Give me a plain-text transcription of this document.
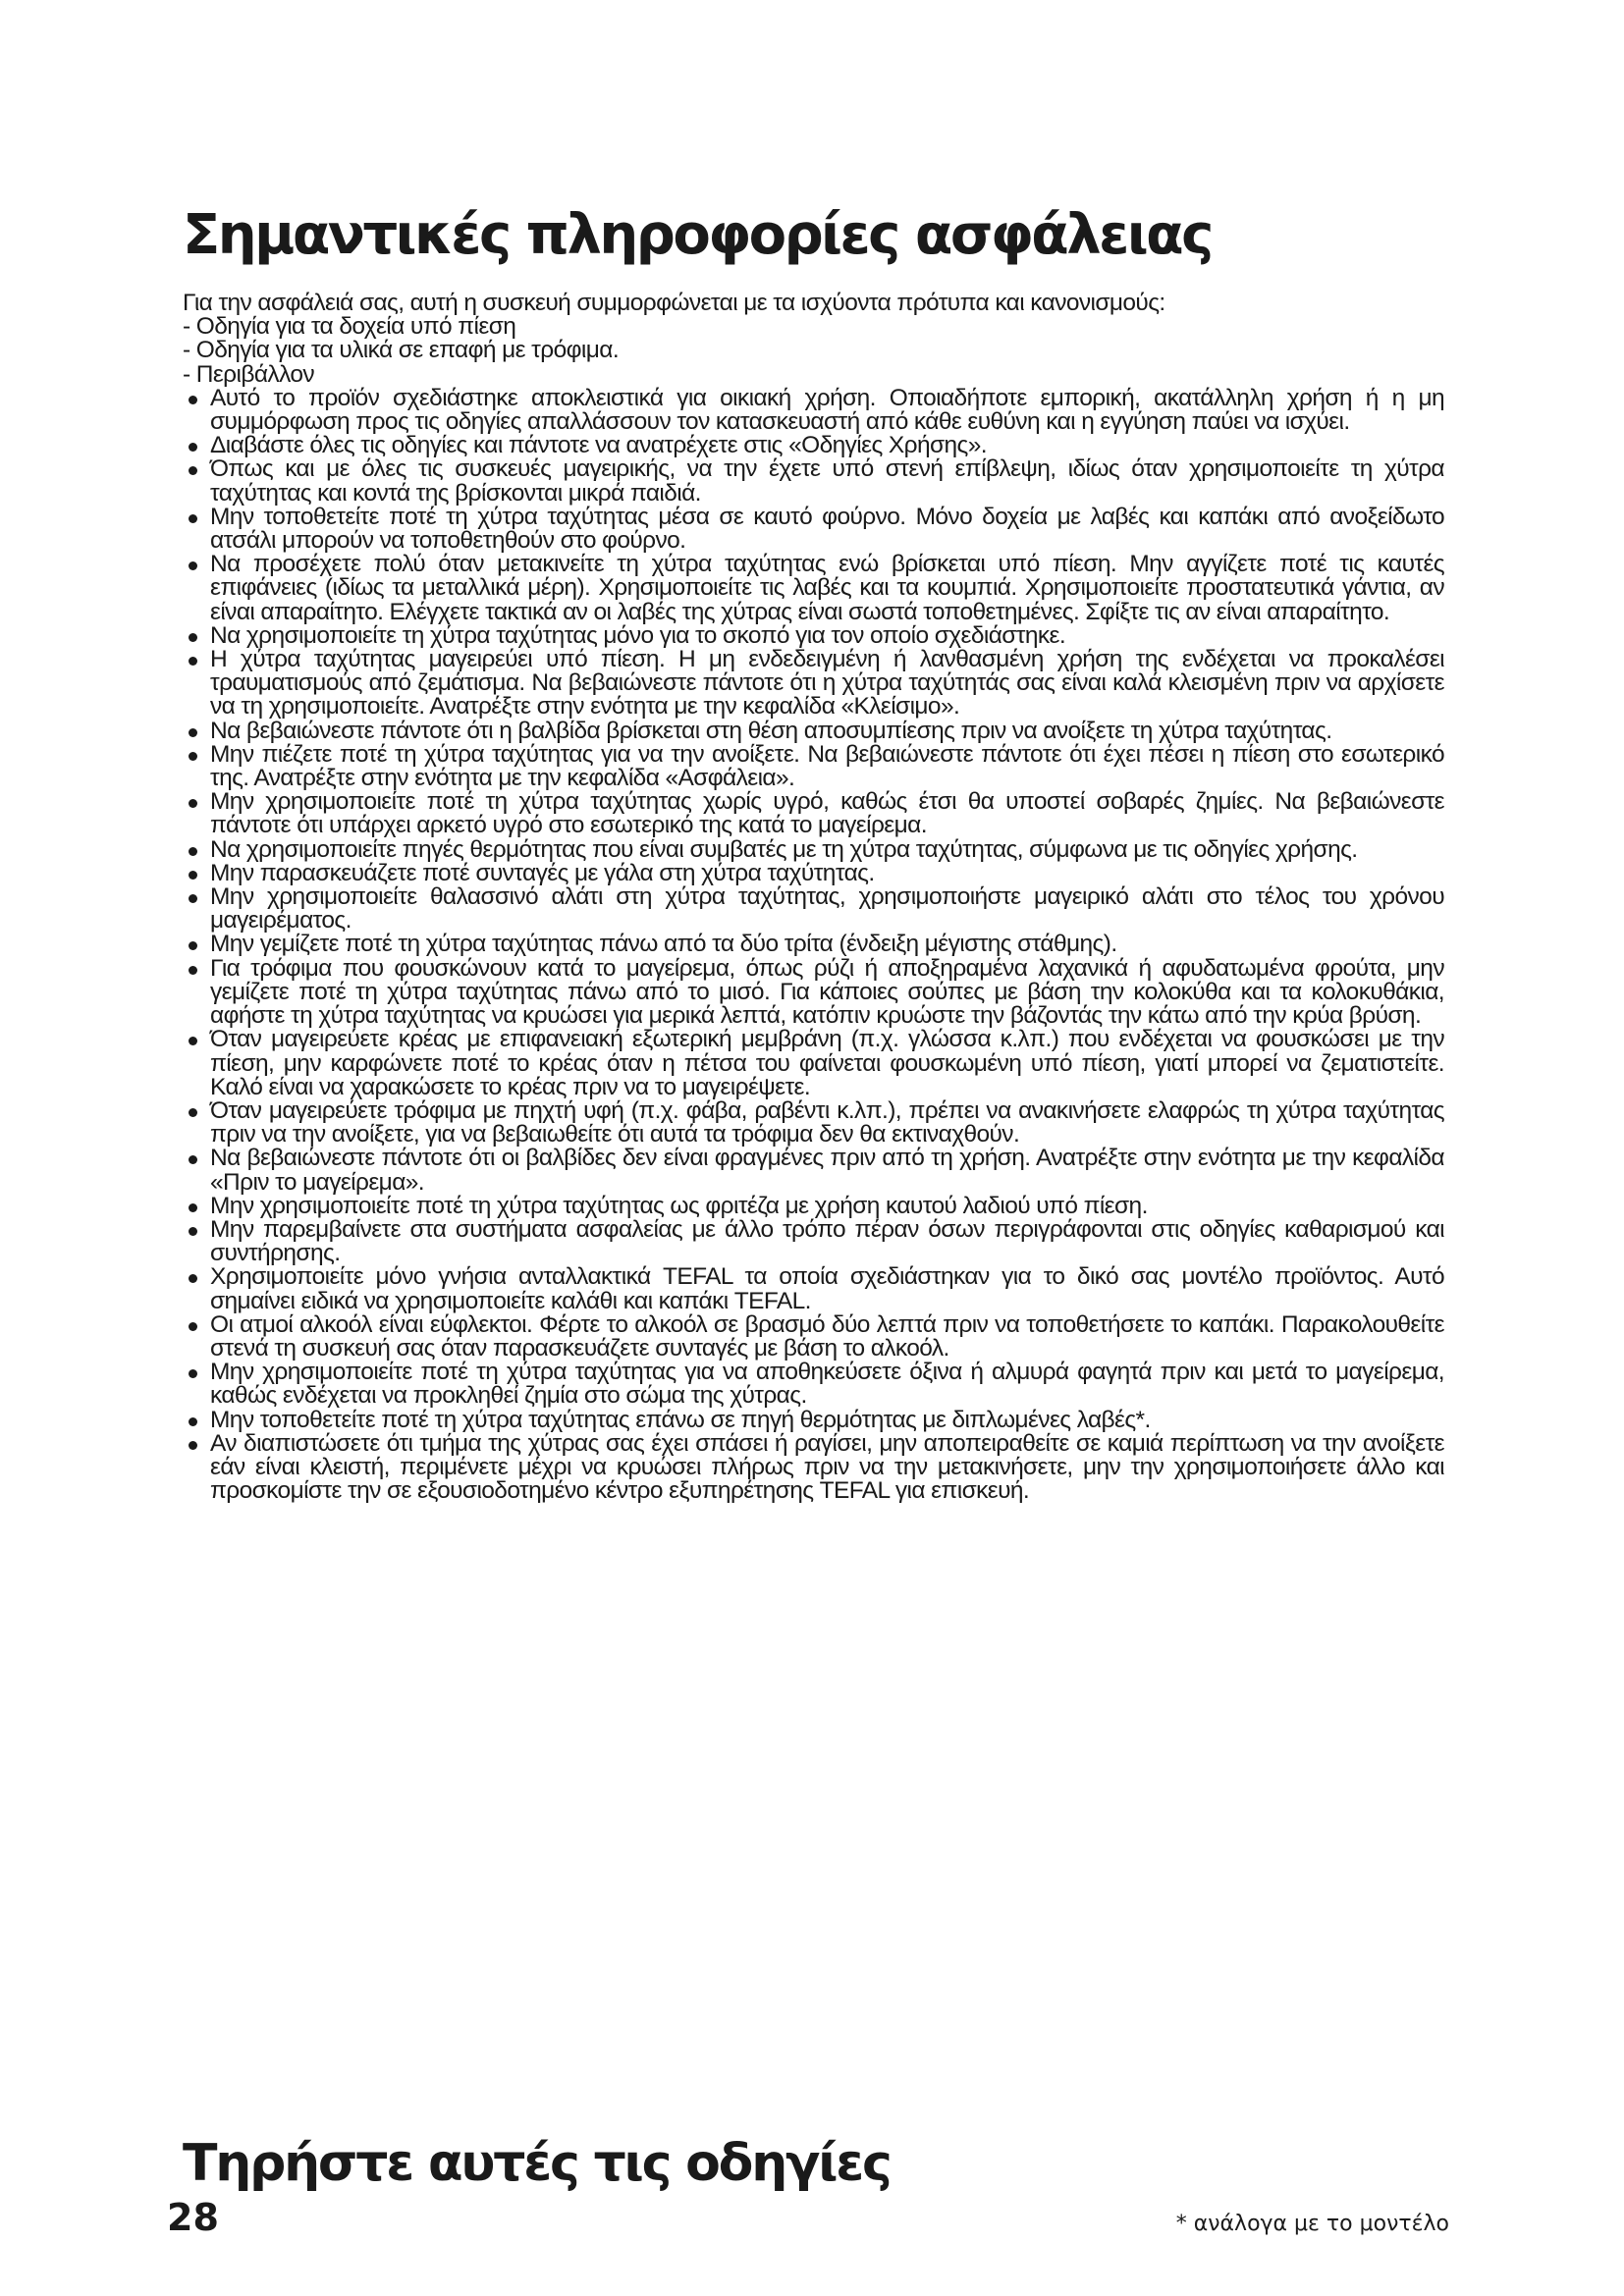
Σημαντικές πληροφορίες ασφάλειας

Για την ασφάλειά σας, αυτή η συσκευή συμμορφώνεται με τα ισχύοντα πρότυπα και κανονισμούς:

- Οδηγία για τα δοχεία υπό πίεση

- Οδηγία για τα υλικά σε επαφή με τρόφιμα.

- Περιβάλλον

Αυτό το προϊόν σχεδιάστηκε αποκλειστικά για οικιακή χρήση. Οποιαδήποτε εμπορική, ακατάλληλη χρήση ή η μη συμμόρφωση προς τις οδηγίες απαλλάσσουν τον κατασκευαστή από κάθε ευθύνη και η εγγύηση παύει να ισχύει.
Διαβάστε όλες τις οδηγίες και πάντοτε να ανατρέχετε στις «Οδηγίες Χρήσης».
Όπως και με όλες τις συσκευές μαγειρικής, να την έχετε υπό στενή επίβλεψη, ιδίως όταν χρησιμοποιείτε τη χύτρα ταχύτητας και κοντά της βρίσκονται μικρά παιδιά.
Μην τοποθετείτε ποτέ τη χύτρα ταχύτητας μέσα σε καυτό φούρνο. Μόνο δοχεία με λαβές και καπάκι από ανοξείδωτο ατσάλι μπορούν να τοποθετηθούν στο φούρνο.
Να προσέχετε πολύ όταν μετακινείτε τη χύτρα ταχύτητας ενώ βρίσκεται υπό πίεση. Μην αγγίζετε ποτέ τις καυτές επιφάνειες (ιδίως τα μεταλλικά μέρη). Χρησιμοποιείτε τις λαβές και τα κουμπιά. Χρησιμοποιείτε προστατευτικά γάντια, αν είναι απαραίτητο. Ελέγχετε τακτικά αν οι λαβές της χύτρας είναι σωστά τοποθετημένες. Σφίξτε τις αν είναι απαραίτητο.
Να χρησιμοποιείτε τη χύτρα ταχύτητας μόνο για το σκοπό για τον οποίο σχεδιάστηκε.
Η χύτρα ταχύτητας μαγειρεύει υπό πίεση. Η μη ενδεδειγμένη ή λανθασμένη χρήση της ενδέχεται να προκαλέσει τραυματισμούς από ζεμάτισμα. Να βεβαιώνεστε πάντοτε ότι η χύτρα ταχύτητάς σας είναι καλά κλεισμένη πριν να αρχίσετε να τη χρησιμοποιείτε. Ανατρέξτε στην ενότητα με την κεφαλίδα «Κλείσιμο».
Να βεβαιώνεστε πάντοτε ότι η βαλβίδα βρίσκεται στη θέση αποσυμπίεσης πριν να ανοίξετε τη χύτρα ταχύτητας.
Μην πιέζετε ποτέ τη χύτρα ταχύτητας για να την ανοίξετε. Να βεβαιώνεστε πάντοτε ότι έχει πέσει η πίεση στο εσωτερικό της. Ανατρέξτε στην ενότητα με την κεφαλίδα «Ασφάλεια».
Μην χρησιμοποιείτε ποτέ τη χύτρα ταχύτητας χωρίς υγρό, καθώς έτσι θα υποστεί σοβαρές ζημίες. Να βεβαιώνεστε πάντοτε ότι υπάρχει αρκετό υγρό στο εσωτερικό της κατά το μαγείρεμα.
Να χρησιμοποιείτε πηγές θερμότητας που είναι συμβατές με τη χύτρα ταχύτητας, σύμφωνα με τις οδηγίες χρήσης.
Μην παρασκευάζετε ποτέ συνταγές με γάλα στη χύτρα ταχύτητας.
Μην χρησιμοποιείτε θαλασσινό αλάτι στη χύτρα ταχύτητας, χρησιμοποιήστε μαγειρικό αλάτι στο τέλος του χρόνου μαγειρέματος.
Μην γεμίζετε ποτέ τη χύτρα ταχύτητας πάνω από τα δύο τρίτα (ένδειξη μέγιστης στάθμης).
Για τρόφιμα που φουσκώνουν κατά το μαγείρεμα, όπως ρύζι ή αποξηραμένα λαχανικά ή αφυδατωμένα φρούτα, μην γεμίζετε ποτέ τη χύτρα ταχύτητας πάνω από το μισό. Για κάποιες σούπες με βάση την κολοκύθα και τα κολοκυθάκια, αφήστε τη χύτρα ταχύτητας να κρυώσει για μερικά λεπτά, κατόπιν κρυώστε την βάζοντάς την κάτω από την κρύα βρύση.
Όταν μαγειρεύετε κρέας με επιφανειακή εξωτερική μεμβράνη (π.χ. γλώσσα κ.λπ.) που ενδέχεται να φουσκώσει με την πίεση, μην καρφώνετε ποτέ το κρέας όταν η πέτσα του φαίνεται φουσκωμένη υπό πίεση, γιατί μπορεί να ζεματιστείτε. Καλό είναι να χαρακώσετε το κρέας πριν να το μαγειρέψετε.
Όταν μαγειρεύετε τρόφιμα με πηχτή υφή (π.χ. φάβα, ραβέντι κ.λπ.), πρέπει να ανακινήσετε ελαφρώς τη χύτρα ταχύτητας πριν να την ανοίξετε, για να βεβαιωθείτε ότι αυτά τα τρόφιμα δεν θα εκτιναχθούν.
Να βεβαιώνεστε πάντοτε ότι οι βαλβίδες δεν είναι φραγμένες πριν από τη χρήση. Ανατρέξτε στην ενότητα με την κεφαλίδα «Πριν το μαγείρεμα».
Μην χρησιμοποιείτε ποτέ τη χύτρα ταχύτητας ως φριτέζα με χρήση καυτού λαδιού υπό πίεση.
Μην παρεμβαίνετε στα συστήματα ασφαλείας με άλλο τρόπο πέραν όσων περιγράφονται στις οδηγίες καθαρισμού και συντήρησης.
Χρησιμοποιείτε μόνο γνήσια ανταλλακτικά TEFAL τα οποία σχεδιάστηκαν για το δικό σας μοντέλο προϊόντος. Αυτό σημαίνει ειδικά να χρησιμοποιείτε καλάθι και καπάκι TEFAL.
Οι ατμοί αλκοόλ είναι εύφλεκτοι. Φέρτε το αλκοόλ σε βρασμό δύο λεπτά πριν να τοποθετήσετε το καπάκι. Παρακολουθείτε στενά τη συσκευή σας όταν παρασκευάζετε συνταγές με βάση το αλκοόλ.
Μην χρησιμοποιείτε ποτέ τη χύτρα ταχύτητας για να αποθηκεύσετε όξινα ή αλμυρά φαγητά πριν και μετά το μαγείρεμα, καθώς ενδέχεται να προκληθεί ζημία στο σώμα της χύτρας.
Μην τοποθετείτε ποτέ τη χύτρα ταχύτητας επάνω σε πηγή θερμότητας με διπλωμένες λαβές*.
Αν διαπιστώσετε ότι τμήμα της χύτρας σας έχει σπάσει ή ραγίσει, μην αποπειραθείτε σε καμιά περίπτωση να την ανοίξετε εάν είναι κλειστή, περιμένετε μέχρι να κρυώσει πλήρως πριν να την μετακινήσετε, μην την χρησιμοποιήσετε άλλο και προσκομίστε την σε εξουσιοδοτημένο κέντρο εξυπηρέτησης TEFAL για επισκευή.
Τηρήστε αυτές τις οδηγίες
28	* ανάλογα με το μοντέλο
